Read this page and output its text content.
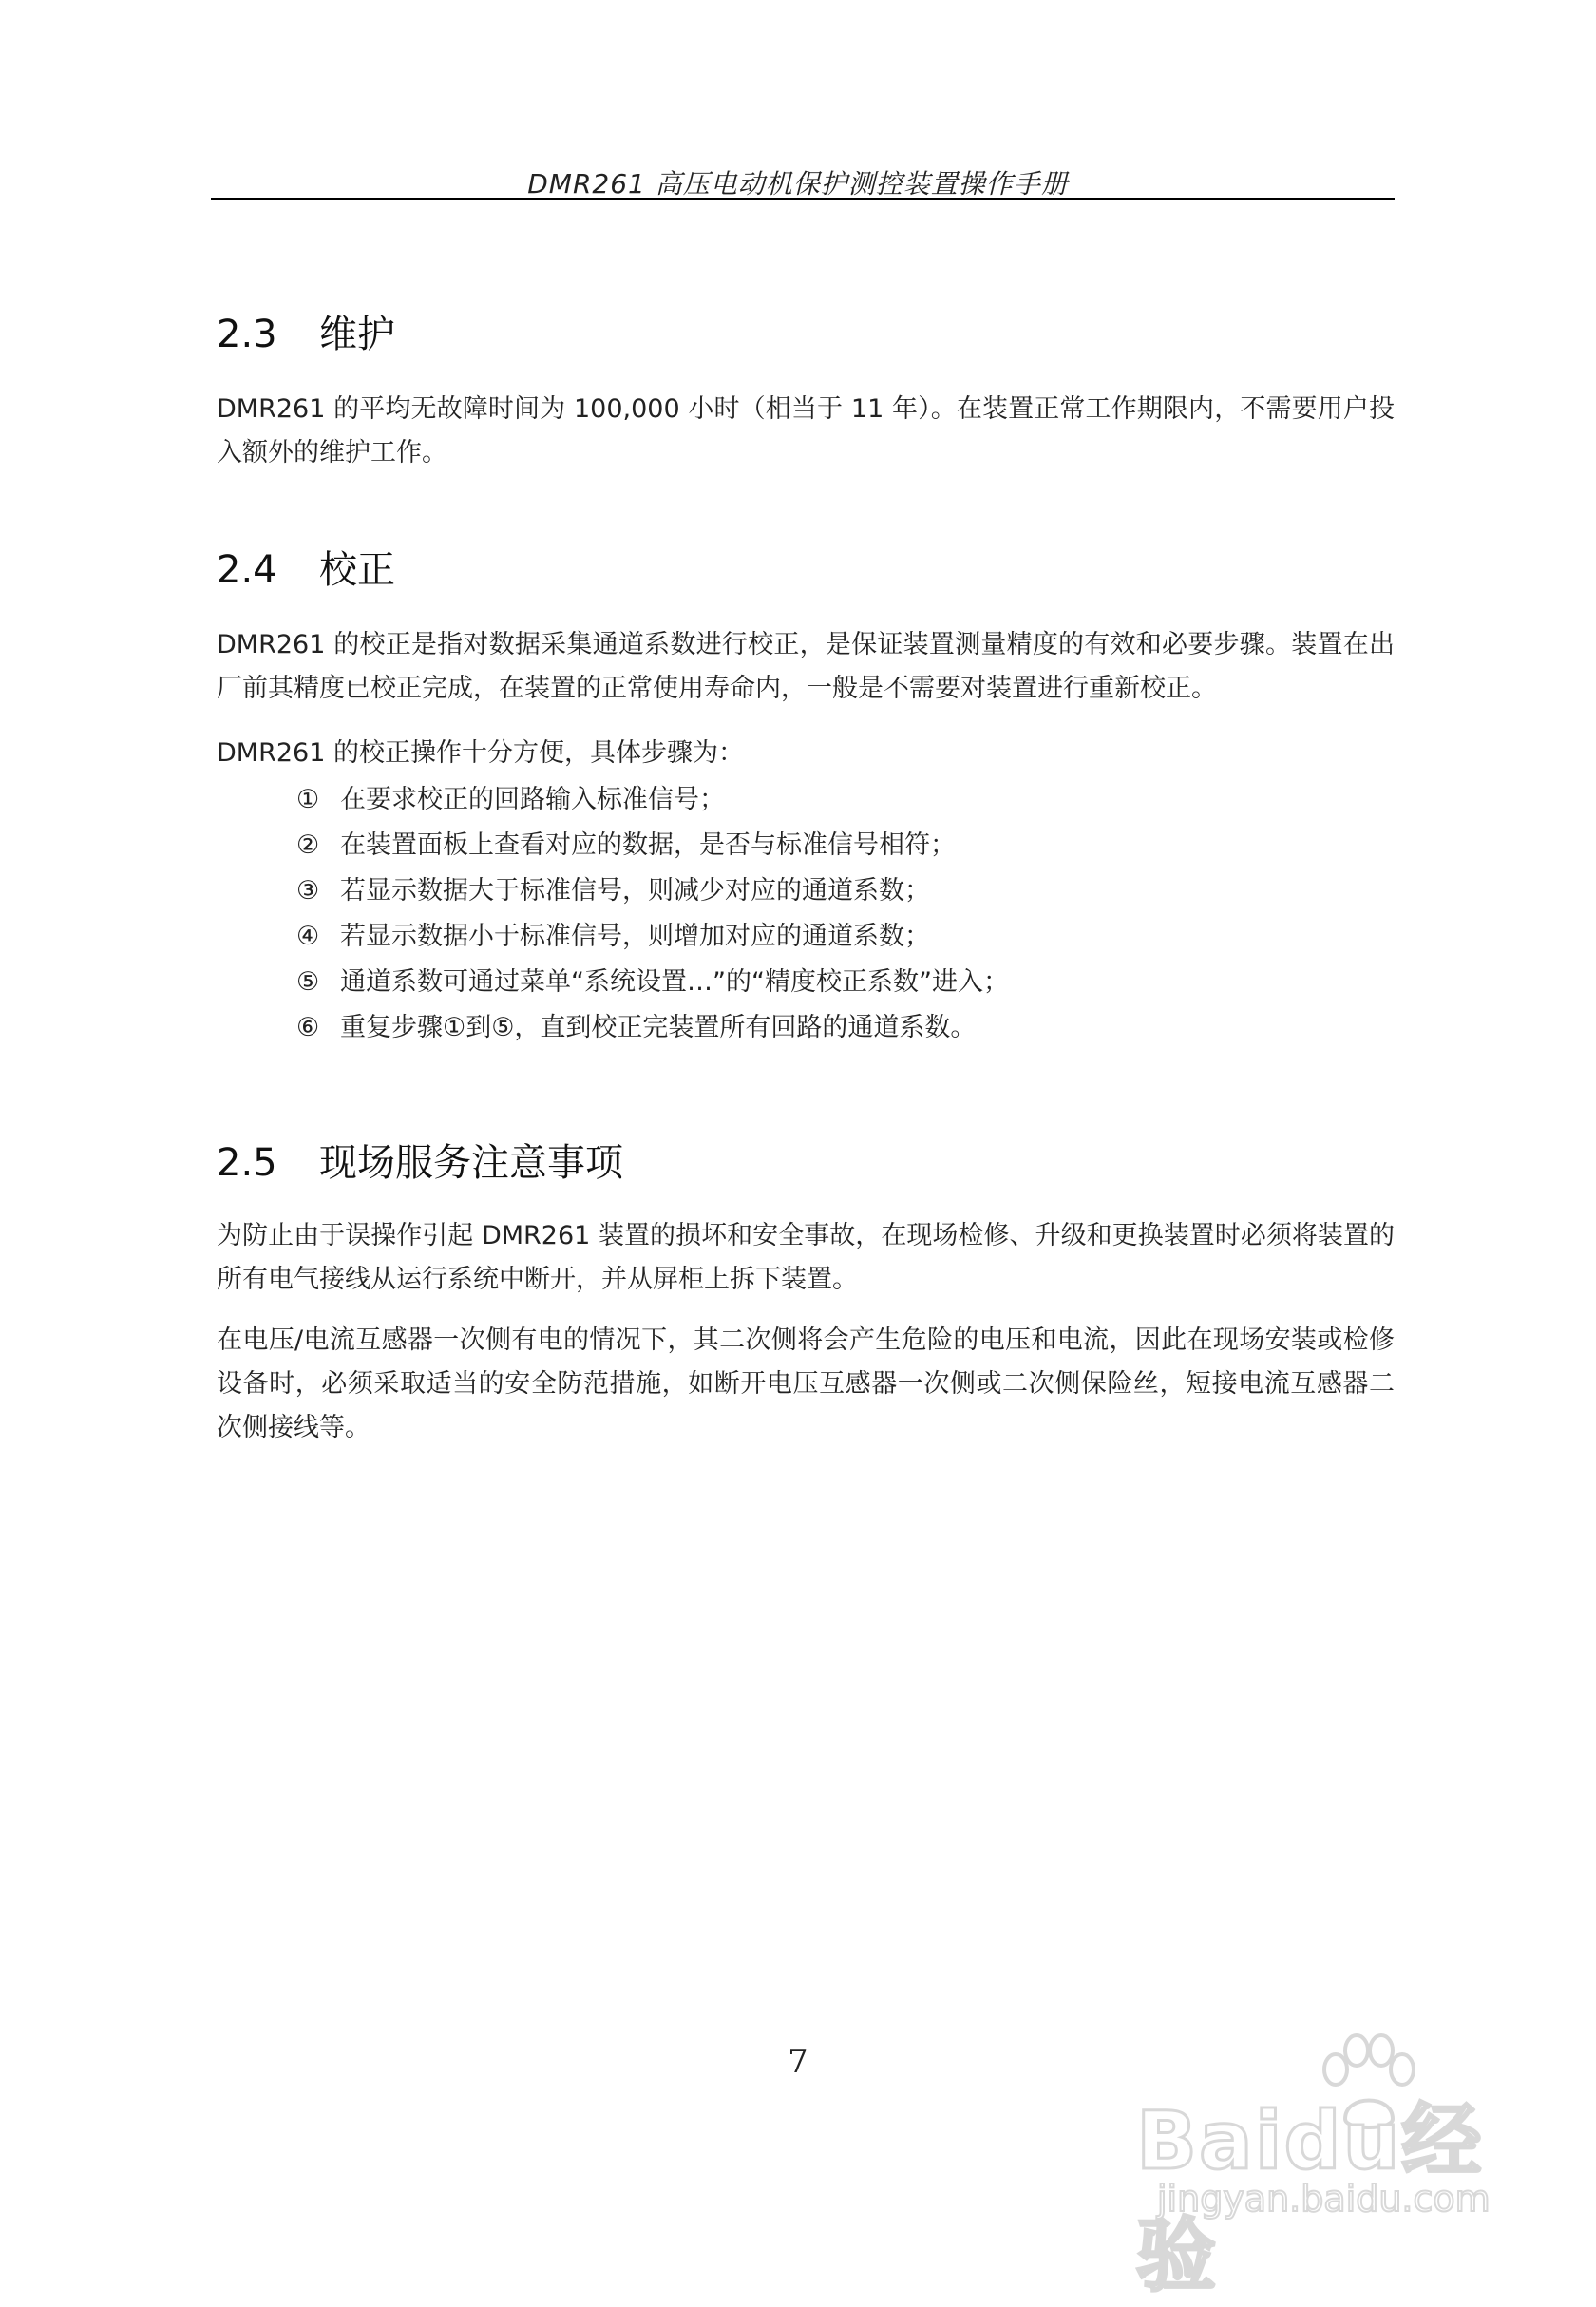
DMR261 高压电动机保护测控装置操作手册
2.3 维护
DMR261 的平均无故障时间为 100,000 小时（相当于 11 年）。在装置正常工作期限内，不需要用户投入额外的维护工作。
2.4 校正
DMR261 的校正是指对数据采集通道系数进行校正，是保证装置测量精度的有效和必要步骤。装置在出厂前其精度已校正完成，在装置的正常使用寿命内，一般是不需要对装置进行重新校正。
DMR261 的校正操作十分方便，具体步骤为：
① 在要求校正的回路输入标准信号；
② 在装置面板上查看对应的数据，是否与标准信号相符；
③ 若显示数据大于标准信号，则减少对应的通道系数；
④ 若显示数据小于标准信号，则增加对应的通道系数；
⑤ 通道系数可通过菜单“系统设置…”的“精度校正系数”进入；
⑥ 重复步骤①到⑤，直到校正完装置所有回路的通道系数。
2.5 现场服务注意事项
为防止由于误操作引起 DMR261 装置的损坏和安全事故，在现场检修、升级和更换装置时必须将装置的所有电气接线从运行系统中断开，并从屏柜上拆下装置。
在电压/电流互感器一次侧有电的情况下，其二次侧将会产生危险的电压和电流，因此在现场安装或检修设备时，必须采取适当的安全防范措施，如断开电压互感器一次侧或二次侧保险丝，短接电流互感器二次侧接线等。
7
Baidu经验
jingyan.baidu.com
